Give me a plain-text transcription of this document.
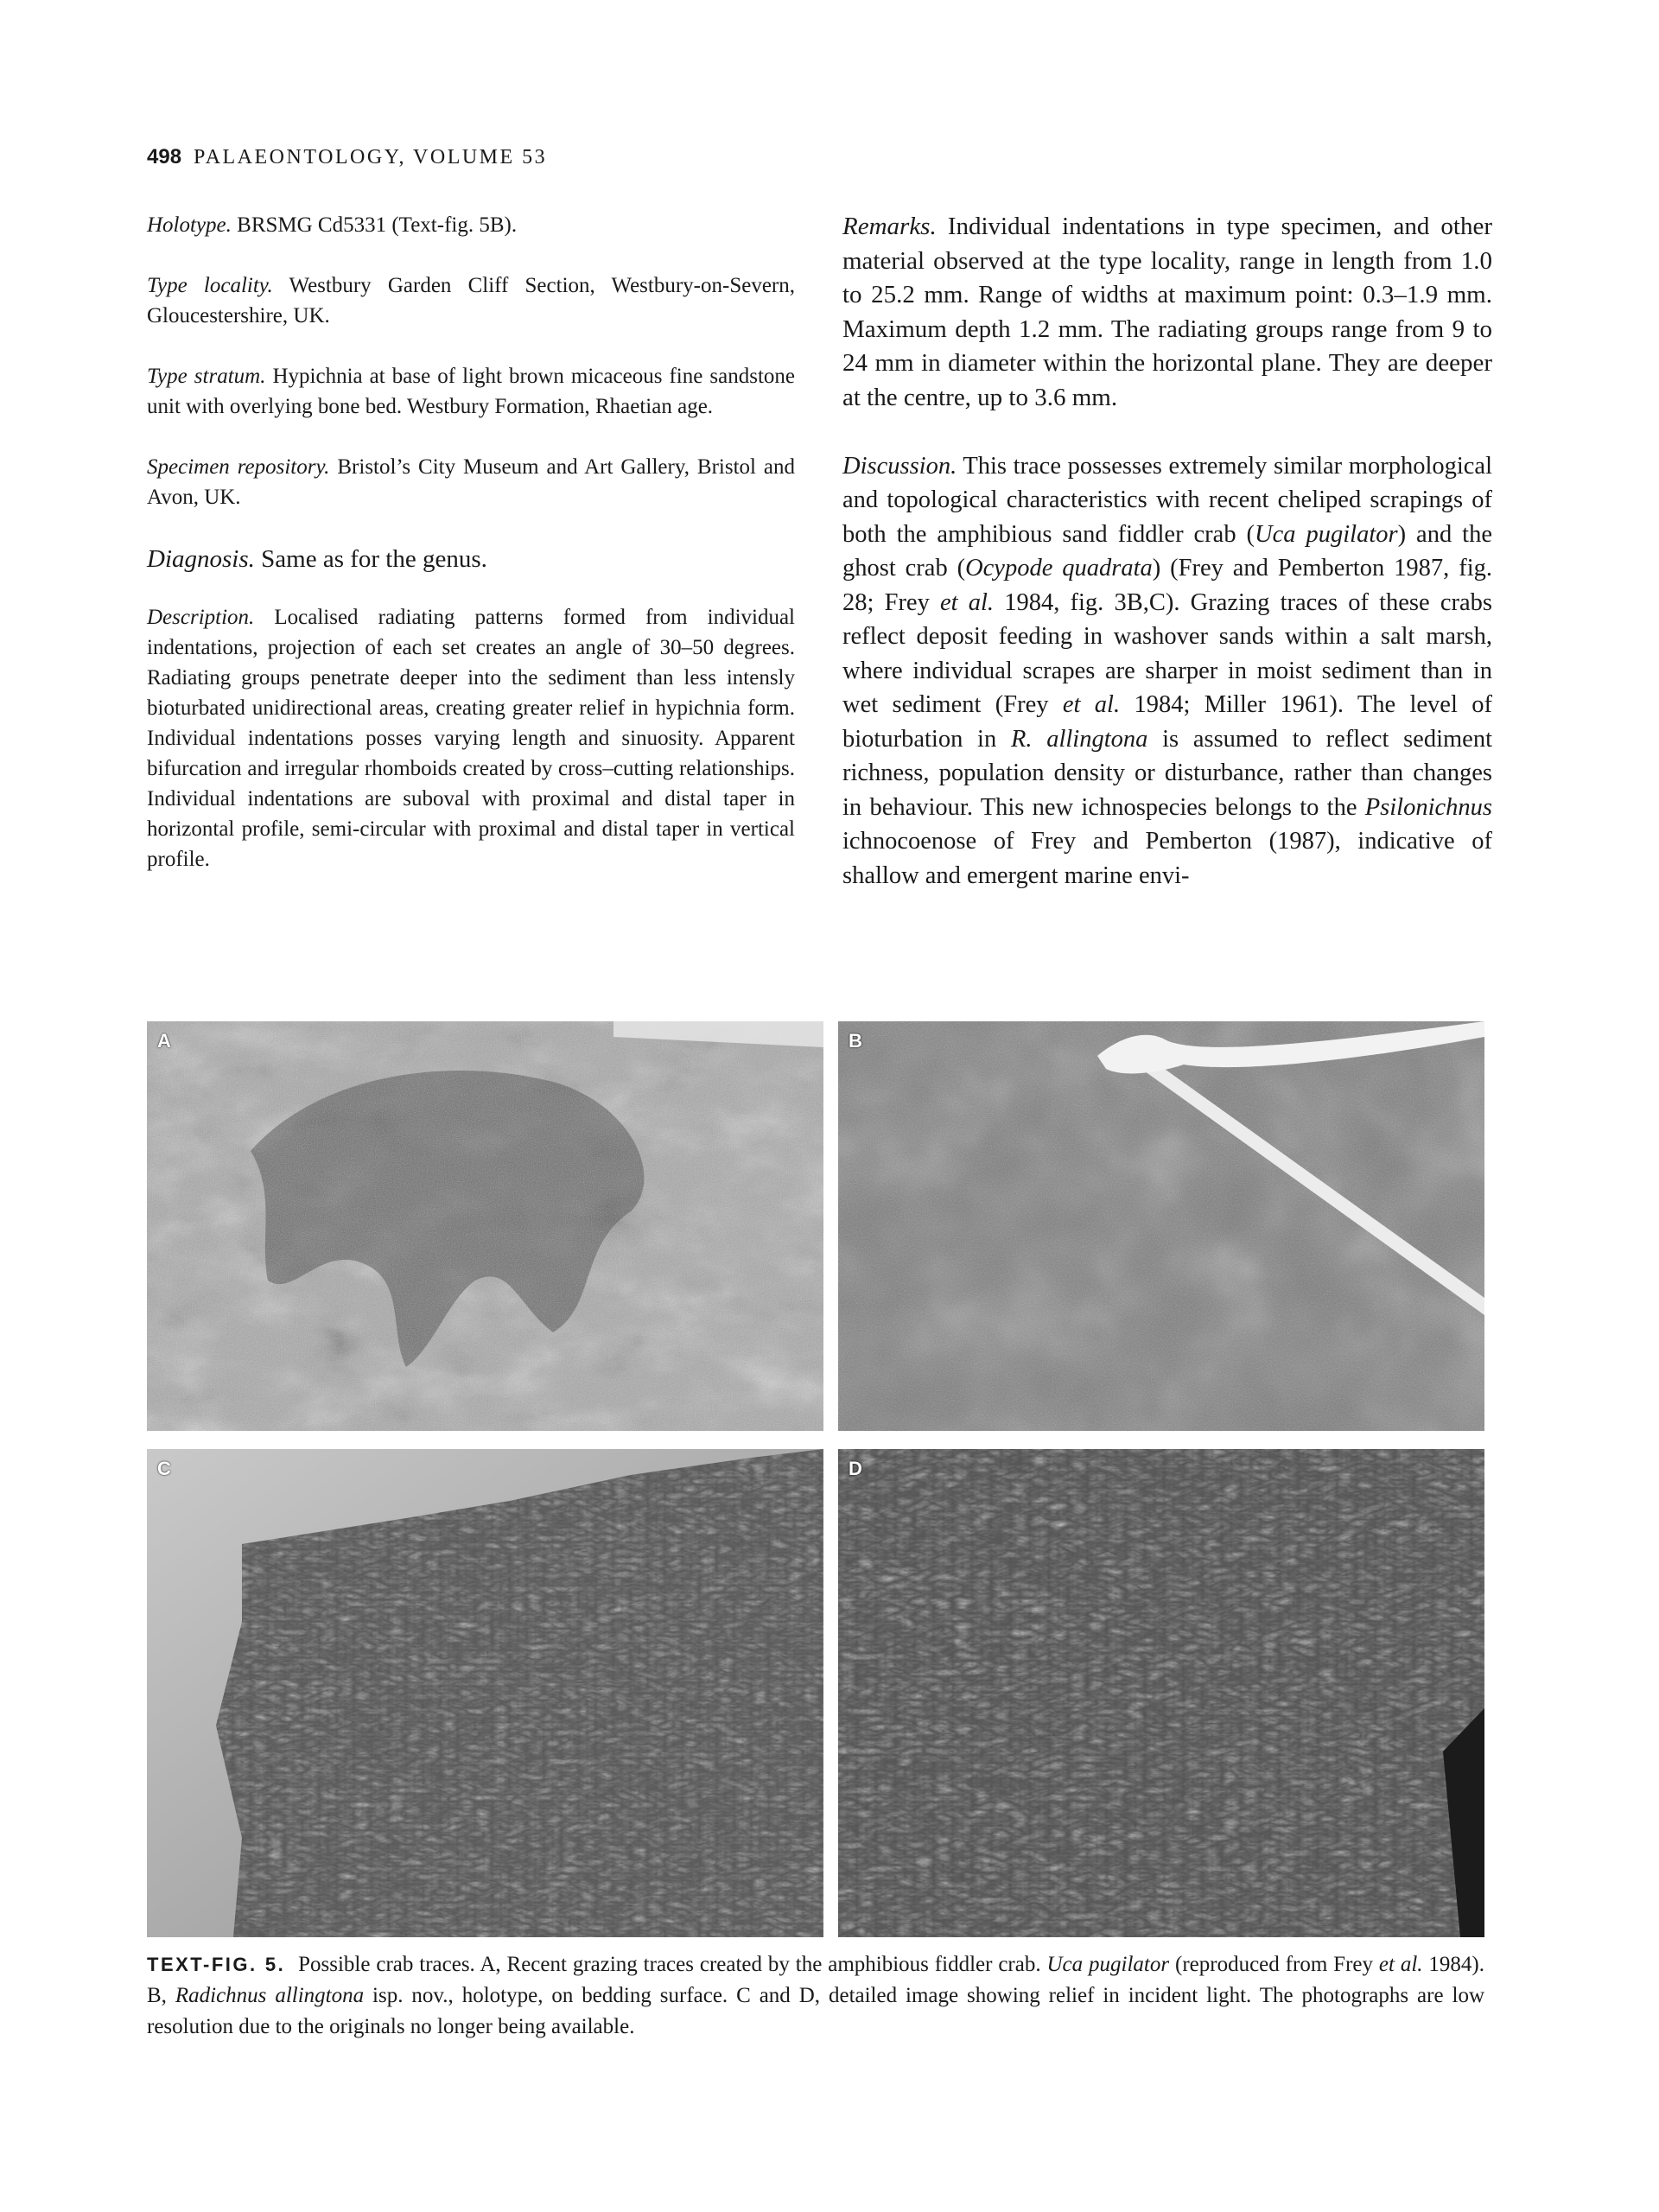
498 PALAEONTOLOGY, VOLUME 53

Holotype. BRSMG Cd5331 (Text-fig. 5B).

Type locality. Westbury Garden Cliff Section, Westbury-on-Severn, Gloucestershire, UK.

Type stratum. Hypichnia at base of light brown micaceous fine sandstone unit with overlying bone bed. Westbury Formation, Rhaetian age.

Specimen repository. Bristol’s City Museum and Art Gallery, Bristol and Avon, UK.

Diagnosis. Same as for the genus.

Description. Localised radiating patterns formed from individual indentations, projection of each set creates an angle of 30–50 degrees. Radiating groups penetrate deeper into the sediment than less intensly bioturbated unidirectional areas, creating greater relief in hypichnia form. Individual indentations posses varying length and sinuosity. Apparent bifurcation and irregular rhomboids created by cross–cutting relationships. Individual indentations are suboval with proximal and distal taper in horizontal profile, semi-circular with proximal and distal taper in vertical profile.

Remarks. Individual indentations in type specimen, and other material observed at the type locality, range in length from 1.0 to 25.2 mm. Range of widths at maximum point: 0.3–1.9 mm. Maximum depth 1.2 mm. The radiating groups range from 9 to 24 mm in diameter within the horizontal plane. They are deeper at the centre, up to 3.6 mm.

Discussion. This trace possesses extremely similar morphological and topological characteristics with recent cheliped scrapings of both the amphibious sand fiddler crab (Uca pugilator) and the ghost crab (Ocypode quadrata) (Frey and Pemberton 1987, fig. 28; Frey et al. 1984, fig. 3B,C). Grazing traces of these crabs reflect deposit feeding in washover sands within a salt marsh, where individual scrapes are sharper in moist sediment than in wet sediment (Frey et al. 1984; Miller 1961). The level of bioturbation in R. allingtona is assumed to reflect sediment richness, population density or disturbance, rather than changes in behaviour. This new ichnospecies belongs to the Psilonichnus ichnocoenose of Frey and Pemberton (1987), indicative of shallow and emergent marine envi-

A	B
C	D
TEXT-FIG. 5. Possible crab traces. A, Recent grazing traces created by the amphibious fiddler crab. Uca pugilator (reproduced from Frey et al. 1984). B, Radichnus allingtona isp. nov., holotype, on bedding surface. C and D, detailed image showing relief in incident light. The photographs are low resolution due to the originals no longer being available.
